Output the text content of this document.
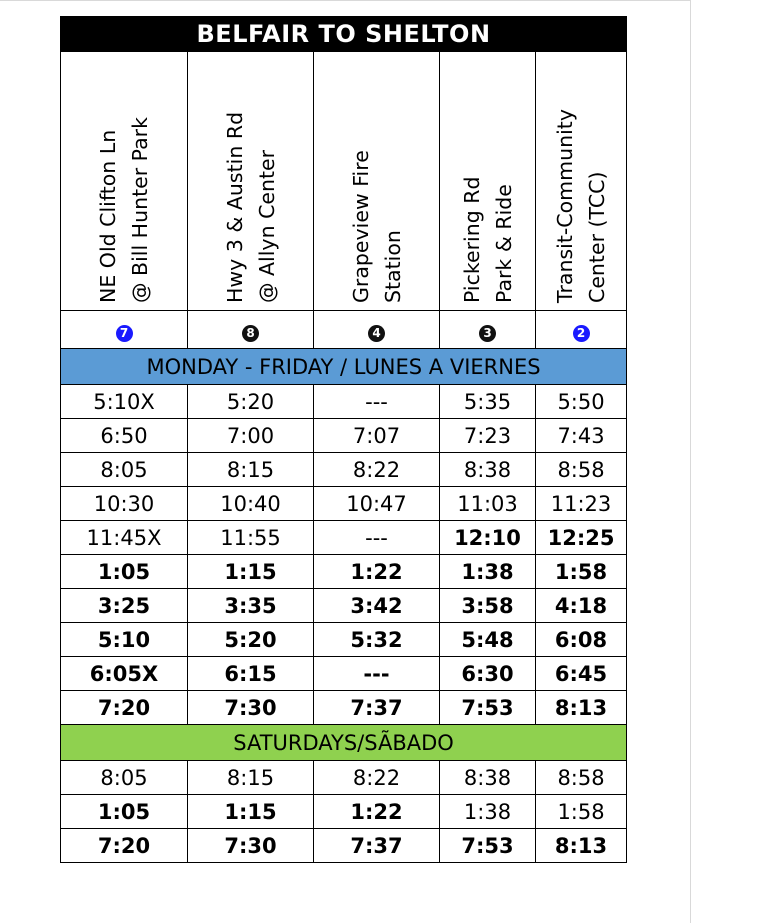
BELFAIR TO SHELTON				

NE Old Clifton Ln @ Bill Hunter Park	Hwy 3 & Austin Rd @ Allyn Center	Grapeview Fire Station	Pickering Rd Park & Ride	Transit-Community Center (TCC)

7	8	4	3	2
MONDAY - FRIDAY / LUNES A VIERNES				
5:10X	5:20	---	5:35	5:50
6:50	7:00	7:07	7:23	7:43
8:05	8:15	8:22	8:38	8:58
10:30	10:40	10:47	11:03	11:23
11:45X	11:55	---	12:10	12:25
1:05	1:15	1:22	1:38	1:58
3:25	3:35	3:42	3:58	4:18
5:10	5:20	5:32	5:48	6:08
6:05X	6:15	---	6:30	6:45
7:20	7:30	7:37	7:53	8:13
SATURDAYS/SÃBADO				
8:05	8:15	8:22	8:38	8:58
1:05	1:15	1:22	1:38	1:58
7:20	7:30	7:37	7:53	8:13
